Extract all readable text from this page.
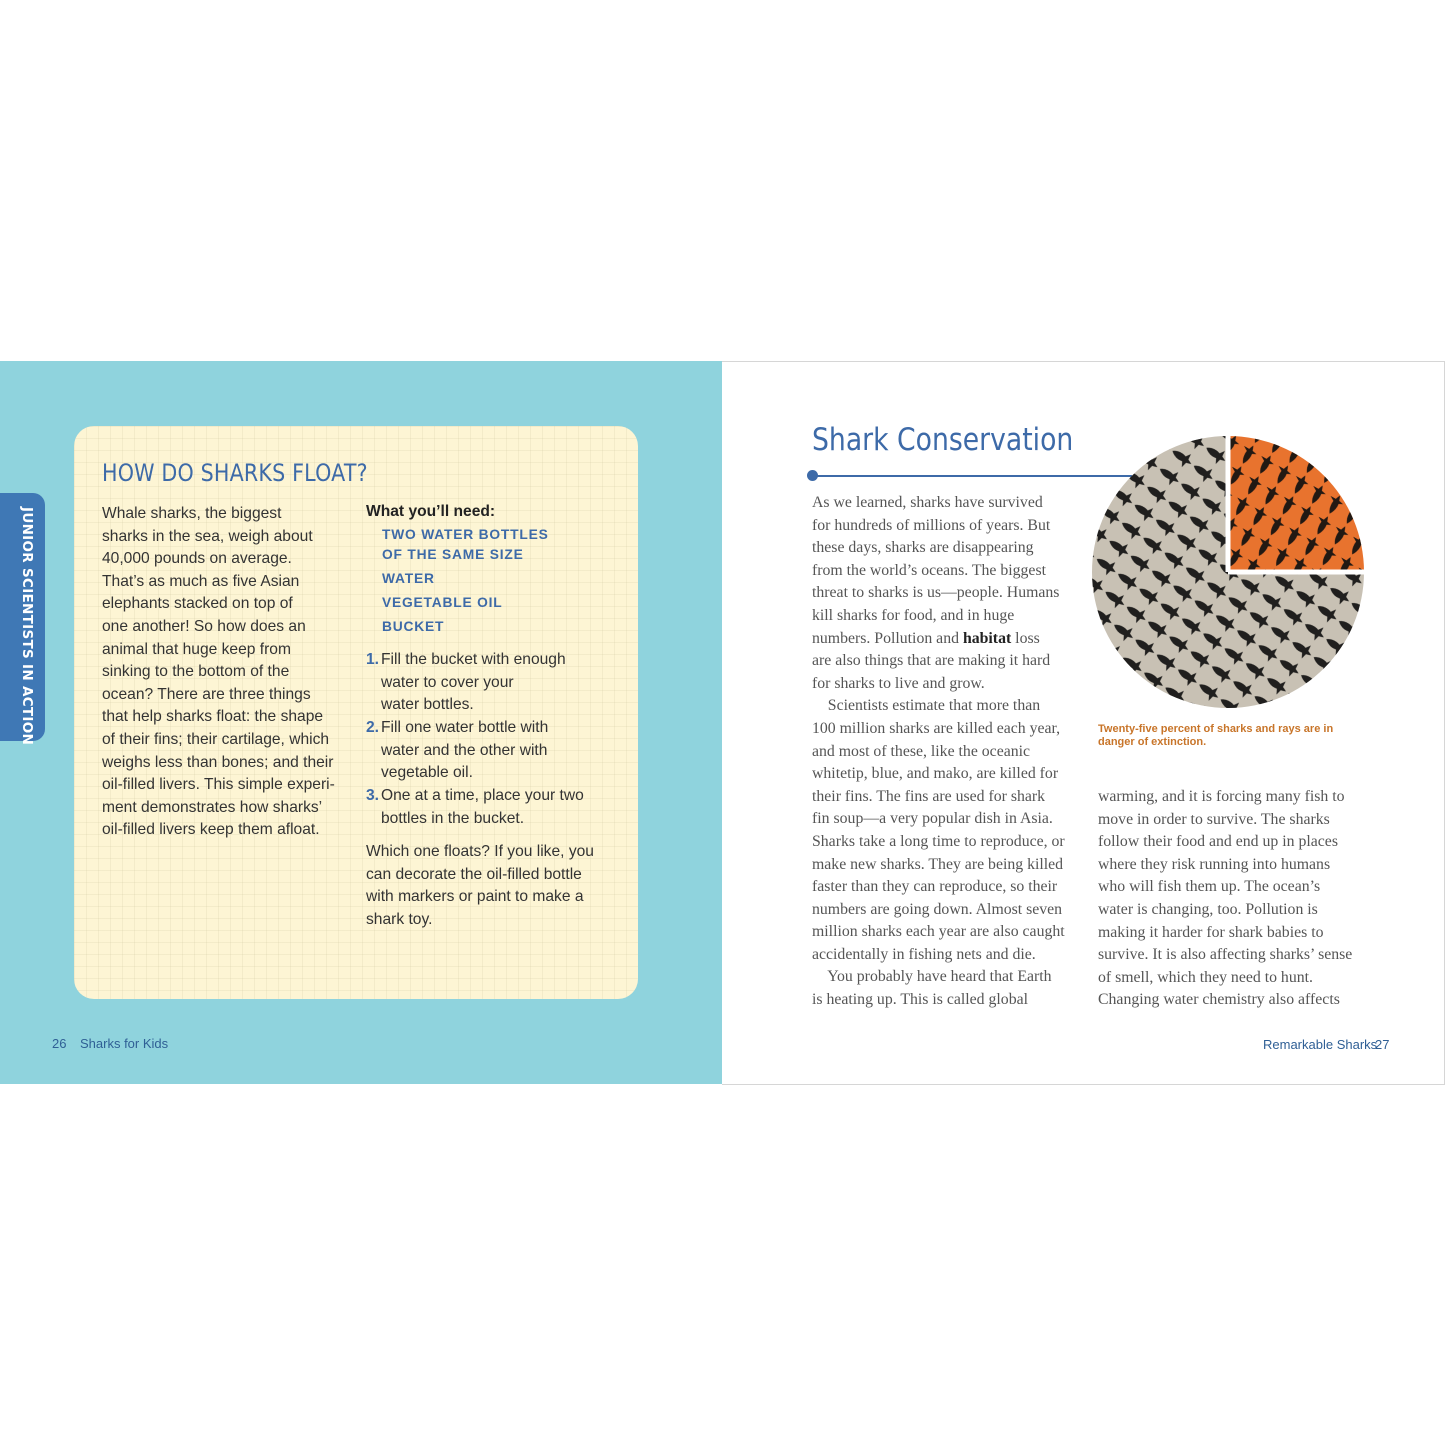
JUNIOR SCIENTISTS IN ACTION
HOW DO SHARKS FLOAT?
Whale sharks, the biggest
sharks in the sea, weigh about
40,000 pounds on average.
That’s as much as five Asian
elephants stacked on top of
one another! So how does an
animal that huge keep from
sinking to the bottom of the
ocean? There are three things
that help sharks float: the shape
of their fins; their cartilage, which
weighs less than bones; and their
oil-filled livers. This simple experi-
ment demonstrates how sharks’
oil-filled livers keep them afloat.
What you’ll need:
TWO WATER BOTTLES
OF THE SAME SIZE
WATER
VEGETABLE OIL
BUCKET
1. Fill the bucket with enough
water to cover your
water bottles.
2. Fill one water bottle with
water and the other with
vegetable oil.
3. One at a time, place your two
bottles in the bucket.
Which one floats? If you like, you
can decorate the oil-filled bottle
with markers or paint to make a
shark toy.
26 Sharks for Kids
Shark Conservation
As we learned, sharks have survived
for hundreds of millions of years. But
these days, sharks are disappearing
from the world’s oceans. The biggest
threat to sharks is us—people. Humans
kill sharks for food, and in huge
numbers. Pollution and habitat loss
are also things that are making it hard
for sharks to live and grow.
Scientists estimate that more than
100 million sharks are killed each year,
and most of these, like the oceanic
whitetip, blue, and mako, are killed for
their fins. The fins are used for shark
fin soup—a very popular dish in Asia.
Sharks take a long time to reproduce, or
make new sharks. They are being killed
faster than they can reproduce, so their
numbers are going down. Almost seven
million sharks each year are also caught
accidentally in fishing nets and die.
You probably have heard that Earth
is heating up. This is called global
warming, and it is forcing many fish to
move in order to survive. The sharks
follow their food and end up in places
where they risk running into humans
who will fish them up. The ocean’s
water is changing, too. Pollution is
making it harder for shark babies to
survive. It is also affecting sharks’ sense
of smell, which they need to hunt.
Changing water chemistry also affects
Twenty-five percent of sharks and rays are in
danger of extinction.
Remarkable Sharks
27
